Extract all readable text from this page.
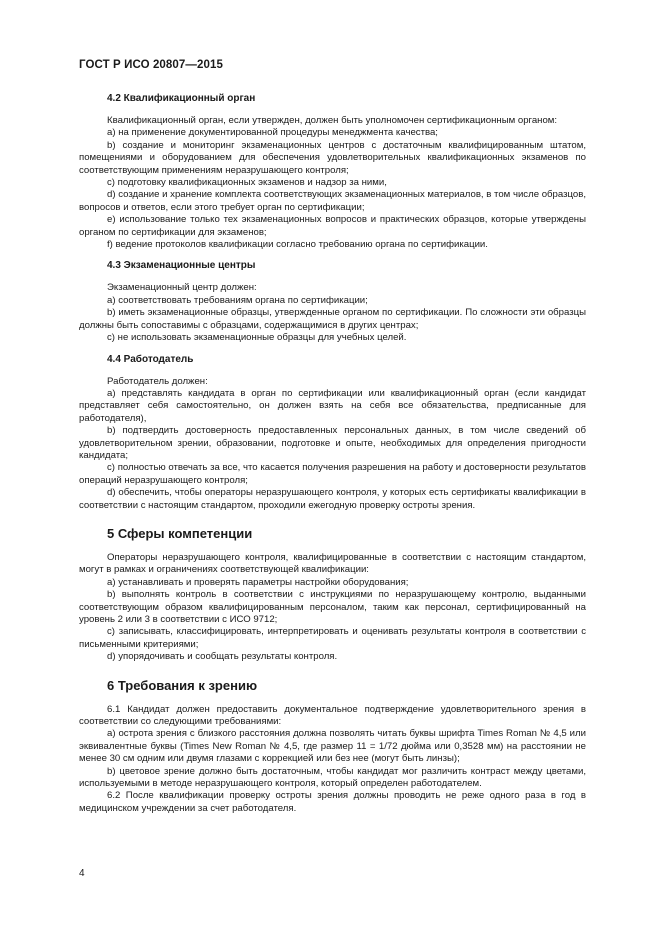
ГОСТ Р ИСО 20807—2015
4.2 Квалификационный орган

Квалификационный орган, если утвержден, должен быть уполномочен сертификационным органом:

a) на применение документированной процедуры менеджмента качества;

b) создание и мониторинг экзаменационных центров с достаточным квалифицированным штатом, помещениями и оборудованием для обеспечения удовлетворительных квалификационных экзаменов по соответствующим применениям неразрушающего контроля;

c) подготовку квалификационных экзаменов и надзор за ними,

d) создание и хранение комплекта соответствующих экзаменационных материалов, в том числе образцов, вопросов и ответов, если этого требует орган по сертификации;

e) использование только тех экзаменационных вопросов и практических образцов, которые утверждены органом по сертификации для экзаменов;

f) ведение протоколов квалификации согласно требованию органа по сертификации.

4.3 Экзаменационные центры

Экзаменационный центр должен:

a) соответствовать требованиям органа по сертификации;

b) иметь экзаменационные образцы, утвержденные органом по сертификации. По сложности эти образцы должны быть сопоставимы с образцами, содержащимися в других центрах;

c) не использовать экзаменационные образцы для учебных целей.

4.4 Работодатель

Работодатель должен:

a) представлять кандидата в орган по сертификации или квалификационный орган (если кандидат представляет себя самостоятельно, он должен взять на себя все обязательства, предписанные для работодателя),

b) подтвердить достоверность предоставленных персональных данных, в том числе сведений об удовлетворительном зрении, образовании, подготовке и опыте, необходимых для определения пригодности кандидата;

c) полностью отвечать за все, что касается получения разрешения на работу и достоверности результатов операций неразрушающего контроля;

d) обеспечить, чтобы операторы неразрушающего контроля, у которых есть сертификаты квалификации в соответствии с настоящим стандартом, проходили ежегодную проверку остроты зрения.

5 Сферы компетенции

Операторы неразрушающего контроля, квалифицированные в соответствии с настоящим стандартом, могут в рамках и ограничениях соответствующей квалификации:

a) устанавливать и проверять параметры настройки оборудования;

b) выполнять контроль в соответствии с инструкциями по неразрушающему контролю, выданными соответствующим образом квалифицированным персоналом, таким как персонал, сертифицированный на уровень 2 или 3 в соответствии с ИСО 9712;

c) записывать, классифицировать, интерпретировать и оценивать результаты контроля в соответствии с письменными критериями;

d) упорядочивать и сообщать результаты контроля.

6 Требования к зрению

6.1 Кандидат должен предоставить документальное подтверждение удовлетворительного зрения в соответствии со следующими требованиями:

а) острота зрения с близкого расстояния должна позволять читать буквы шрифта Times Roman № 4,5 или эквивалентные буквы (Times New Roman № 4,5, где размер 11 = 1/72 дюйма или 0,3528 мм) на расстоянии не менее 30 см одним или двумя глазами с коррекцией или без нее (могут быть линзы);

b) цветовое зрение должно быть достаточным, чтобы кандидат мог различить контраст между цветами, используемыми в методе неразрушающего контроля, который определен работодателем.

6.2 После квалификации проверку остроты зрения должны проводить не реже одного раза в год в медицинском учреждении за счет работодателя.

4
